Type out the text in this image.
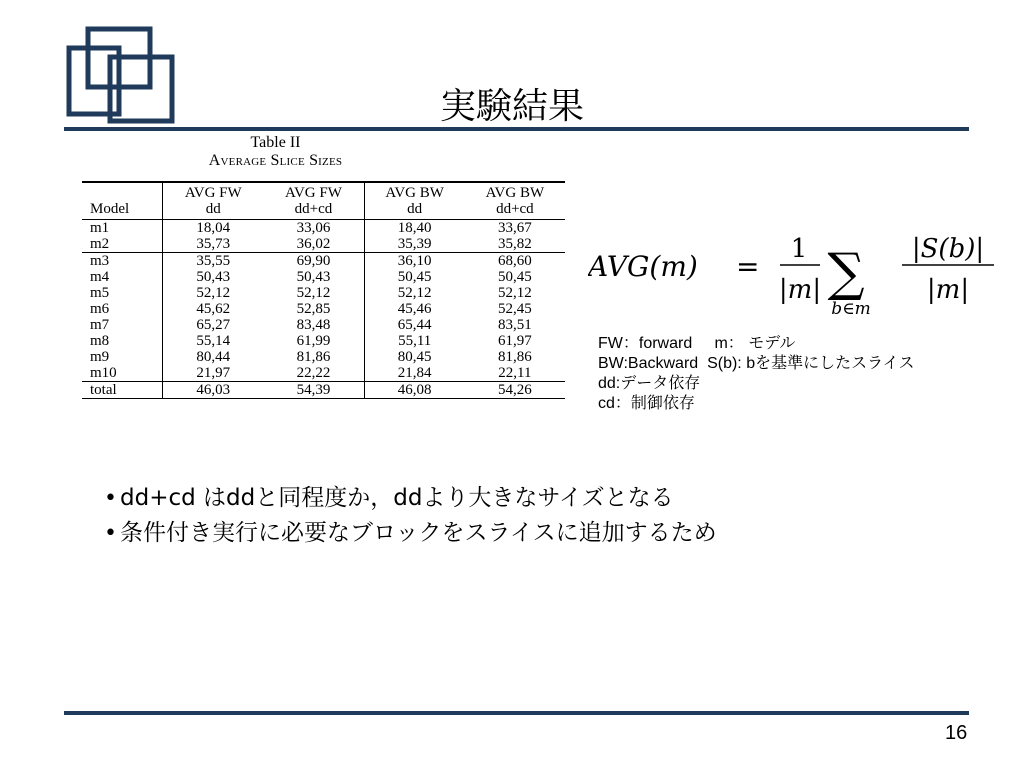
実験結果
Table II
Average Slice Sizes
	AVG FW	AVG FW	AVG BW	AVG BW
Model	dd	dd+cd	dd	dd+cd
m1	18,04	33,06	18,40	33,67
m2	35,73	36,02	35,39	35,82
m3	35,55	69,90	36,10	68,60
m4	50,43	50,43	50,45	50,45
m5	52,12	52,12	52,12	52,12
m6	45,62	52,85	45,46	52,45
m7	65,27	83,48	65,44	83,51
m8	55,14	61,99	55,11	61,97
m9	80,44	81,86	80,45	81,86
m10	21,97	22,22	21,84	22,11
total	46,03	54,39	46,08	54,26
AVG(m) =
1
|m| ∑
b∈m
|S(b)|
|m|
FW：forward     m： モデル
BW:Backward  S(b): bを基準にしたスライス
dd:データ依存
cd：制御依存
• dd+cd はddと同程度か，ddより大きなサイズとなる
• 条件付き実行に必要なブロックをスライスに追加するため
16
